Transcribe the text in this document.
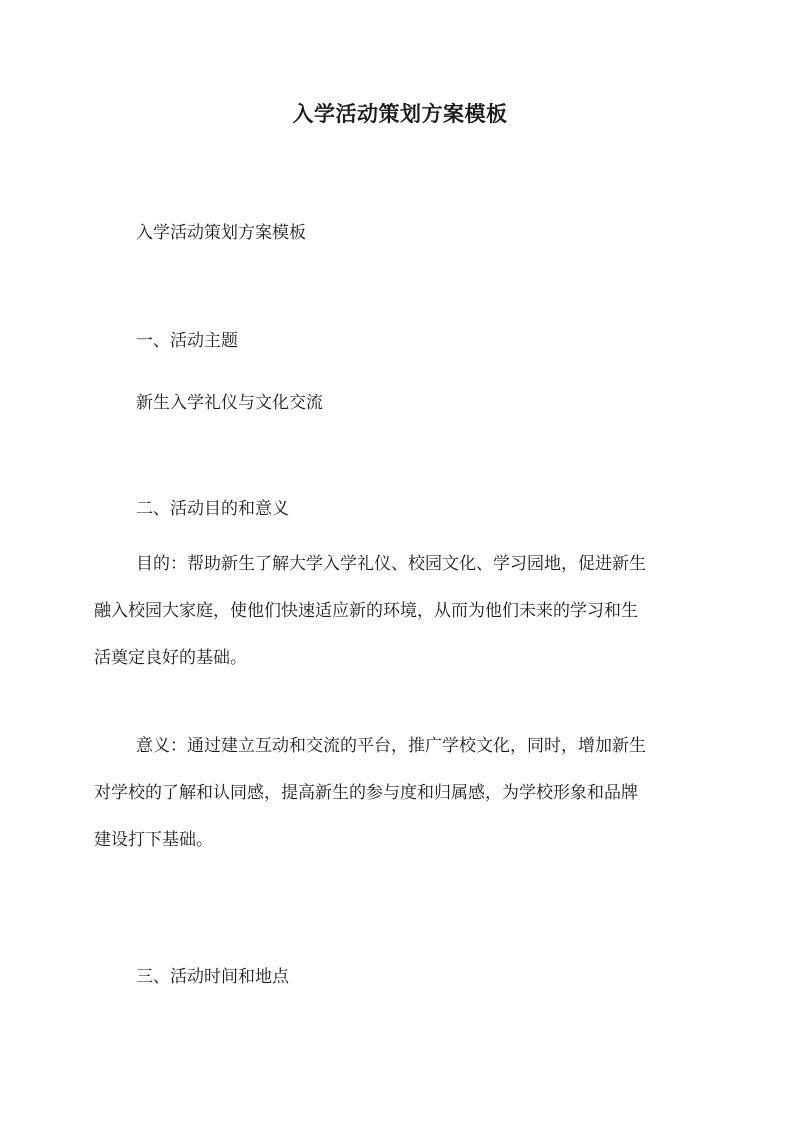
入学活动策划方案模板

入学活动策划方案模板

一、活动主题

新生入学礼仪与文化交流

二、活动目的和意义

目的：帮助新生了解大学入学礼仪、校园文化、学习园地，促进新生
融入校园大家庭，使他们快速适应新的环境，从而为他们未来的学习和生
活奠定良好的基础。
意义：通过建立互动和交流的平台，推广学校文化，同时，增加新生
对学校的了解和认同感，提高新生的参与度和归属感，为学校形象和品牌
建设打下基础。

三、活动时间和地点
